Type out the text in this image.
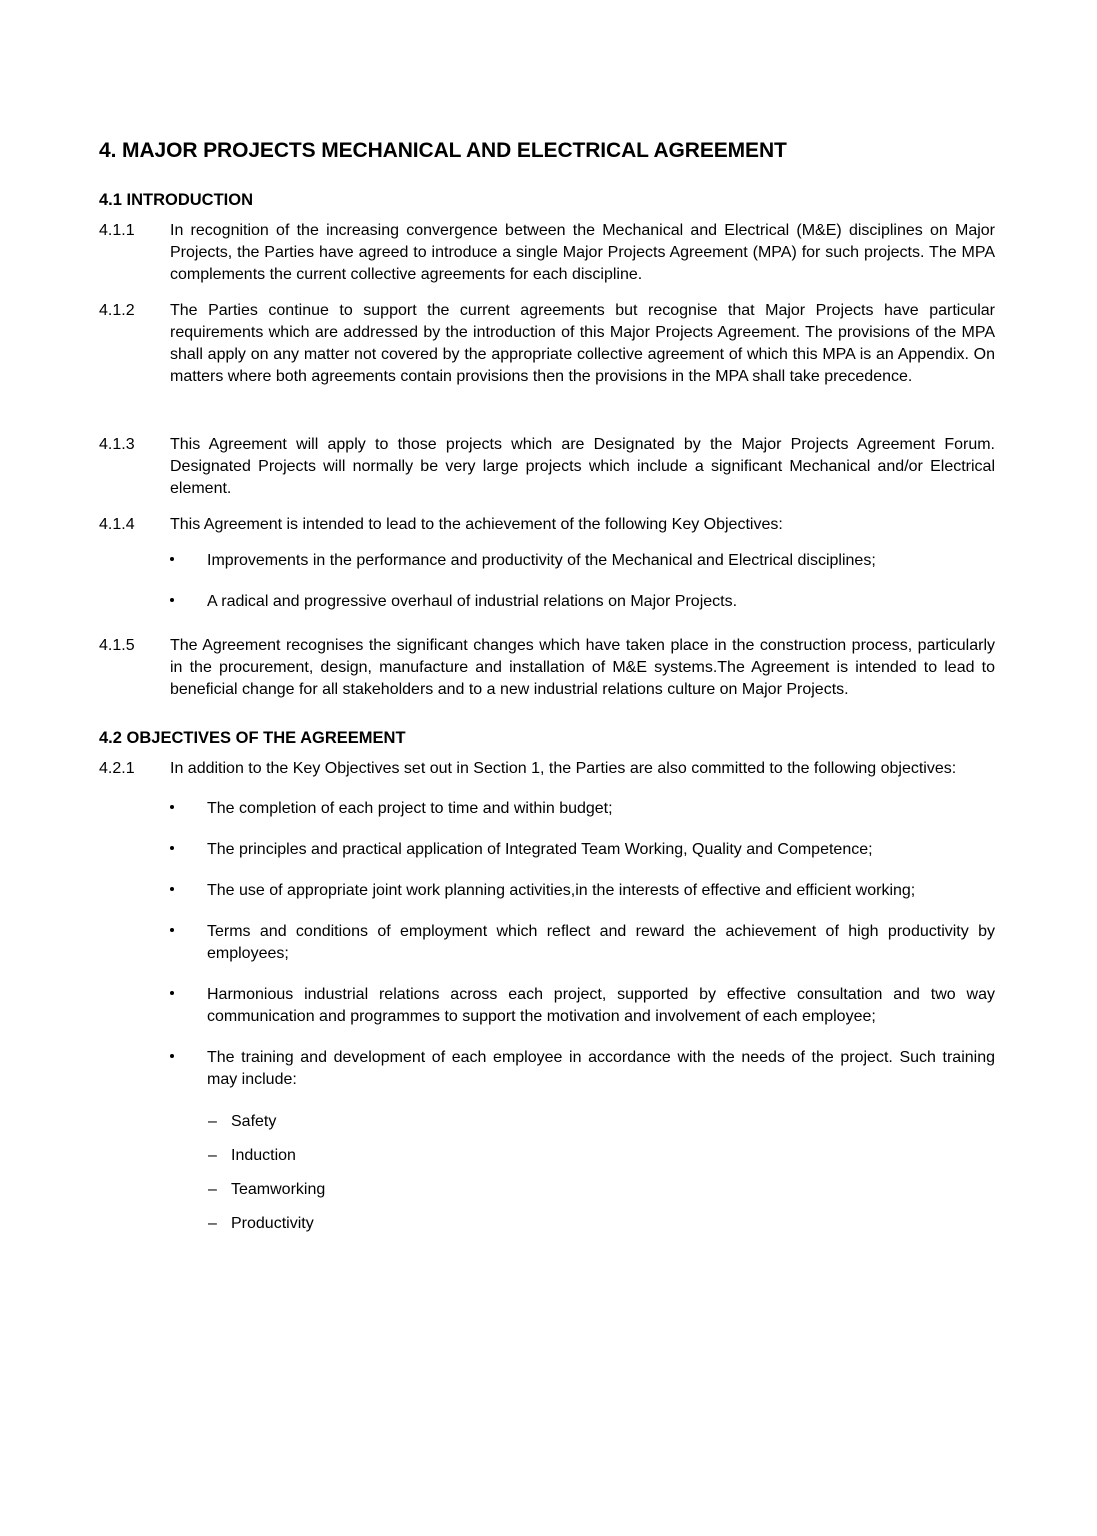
4. MAJOR PROJECTS MECHANICAL AND ELECTRICAL AGREEMENT
4.1 INTRODUCTION
4.1.1	In recognition of the increasing convergence between the Mechanical and Electrical (M&E) disciplines on Major Projects, the Parties have agreed to introduce a single Major Projects Agreement (MPA) for such projects. The MPA complements the current collective agreements for each discipline.
4.1.2	The Parties continue to support the current agreements but recognise that Major Projects have particular requirements which are addressed by the introduction of this Major Projects Agreement. The provisions of the MPA shall apply on any matter not covered by the appropriate collective agreement of which this MPA is an Appendix. On matters where both agreements contain provisions then the provisions in the MPA shall take precedence.
4.1.3	This Agreement will apply to those projects which are Designated by the Major Projects Agreement Forum. Designated Projects will normally be very large projects which include a significant Mechanical and/or Electrical element.
4.1.4	This Agreement is intended to lead to the achievement of the following Key Objectives:
Improvements in the performance and productivity of the Mechanical and Electrical disciplines;
A radical and progressive overhaul of industrial relations on Major Projects.
4.1.5	The Agreement recognises the significant changes which have taken place in the construction process, particularly in the procurement, design, manufacture and installation of M&E systems.The Agreement is intended to lead to beneficial change for all stakeholders and to a new industrial relations culture on Major Projects.
4.2 OBJECTIVES OF THE AGREEMENT
4.2.1	In addition to the Key Objectives set out in Section 1, the Parties are also committed to the following objectives:
The completion of each project to time and within budget;
The principles and practical application of Integrated Team Working, Quality and Competence;
The use of appropriate joint work planning activities,in the interests of effective and efficient working;
Terms and conditions of employment which reflect and reward the achievement of high productivity by employees;
Harmonious industrial relations across each project, supported by effective consultation and two way communication and programmes to support the motivation and involvement of each employee;
The training and development of each employee in accordance with the needs of the project. Such training may include:
– Safety
– Induction
– Teamworking
– Productivity
